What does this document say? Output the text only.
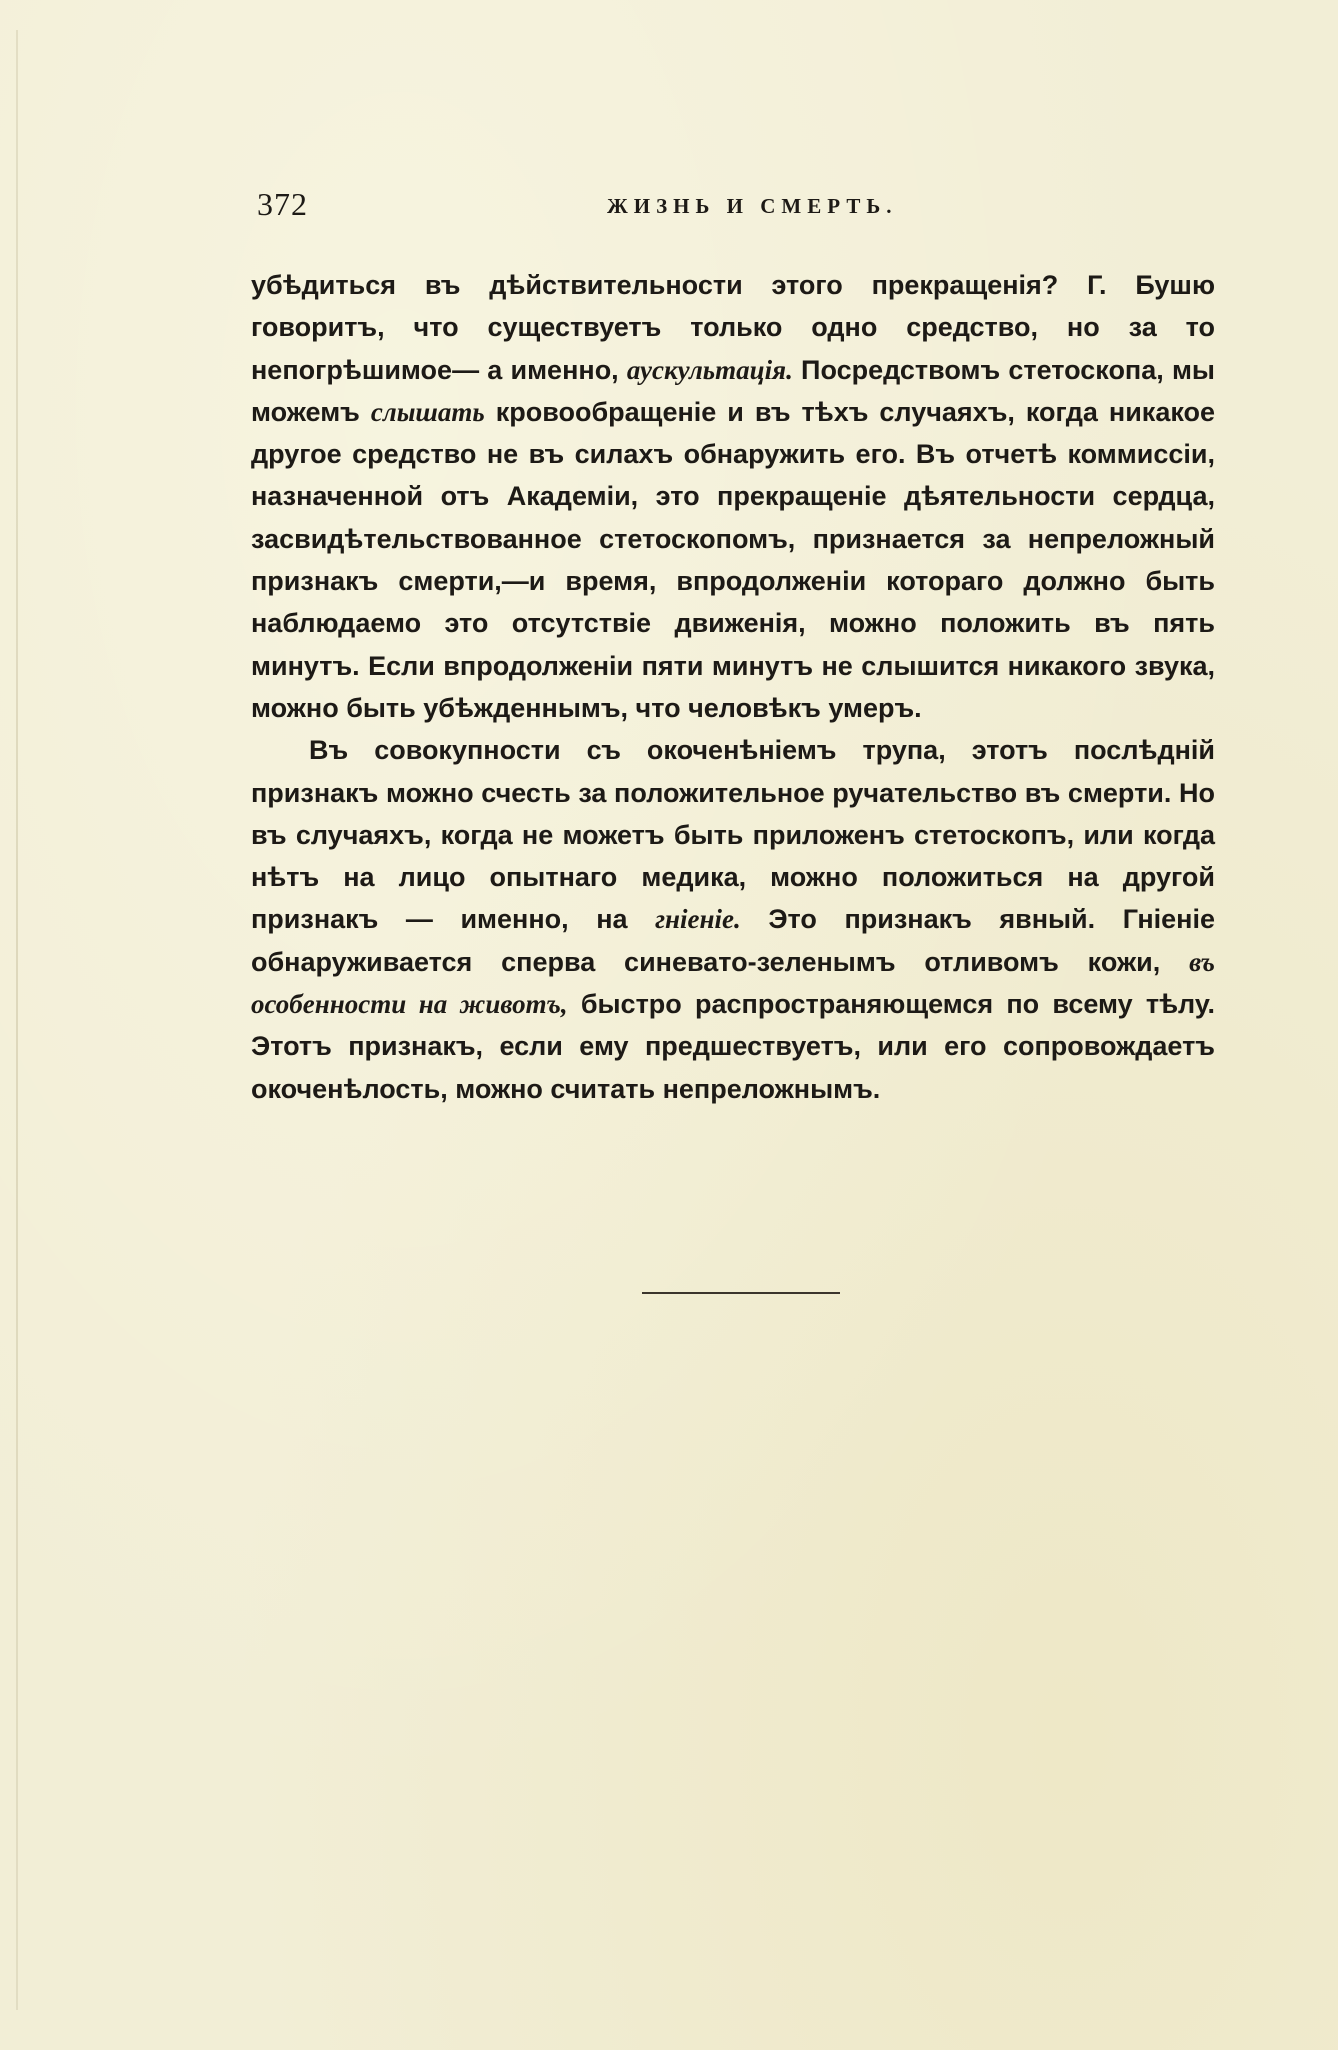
372	ЖИЗНЬ И СМЕРТЬ.

убѣдиться въ дѣйствительности этого прекращенія? Г. Бушю говоритъ, что существуетъ только одно средство, но за то непогрѣшимое— а именно, аускультація. Посредствомъ стетоскопа, мы можемъ слышать кровообращеніе и въ тѣхъ случаяхъ, когда никакое другое средство не въ силахъ обнаружить его. Въ отчетѣ коммиссіи, назначенной отъ Академіи, это прекращеніе дѣятельности сердца, засвидѣтельствованное стетоскопомъ, признается за непреложный признакъ смерти,—и время, впродолженіи котораго должно быть наблюдаемо это отсутствіе движенія, можно положить въ пять минутъ. Если впродолженіи пяти минутъ не слышится никакого звука, можно быть убѣжденнымъ, что человѣкъ умеръ.

Въ совокупности съ окоченѣніемъ трупа, этотъ послѣдній признакъ можно счесть за положительное ручательство въ смерти. Но въ случаяхъ, когда не можетъ быть приложенъ стетоскопъ, или когда нѣтъ на лицо опытнаго медика, можно положиться на другой признакъ — именно, на гніеніе. Это признакъ явный. Гніеніе обнаруживается сперва синевато-зеленымъ отливомъ кожи, въ особенности на животъ, быстро распространяющемся по всему тѣлу. Этотъ признакъ, если ему предшествуетъ, или его сопровождаетъ окоченѣлость, можно считать непреложнымъ.
